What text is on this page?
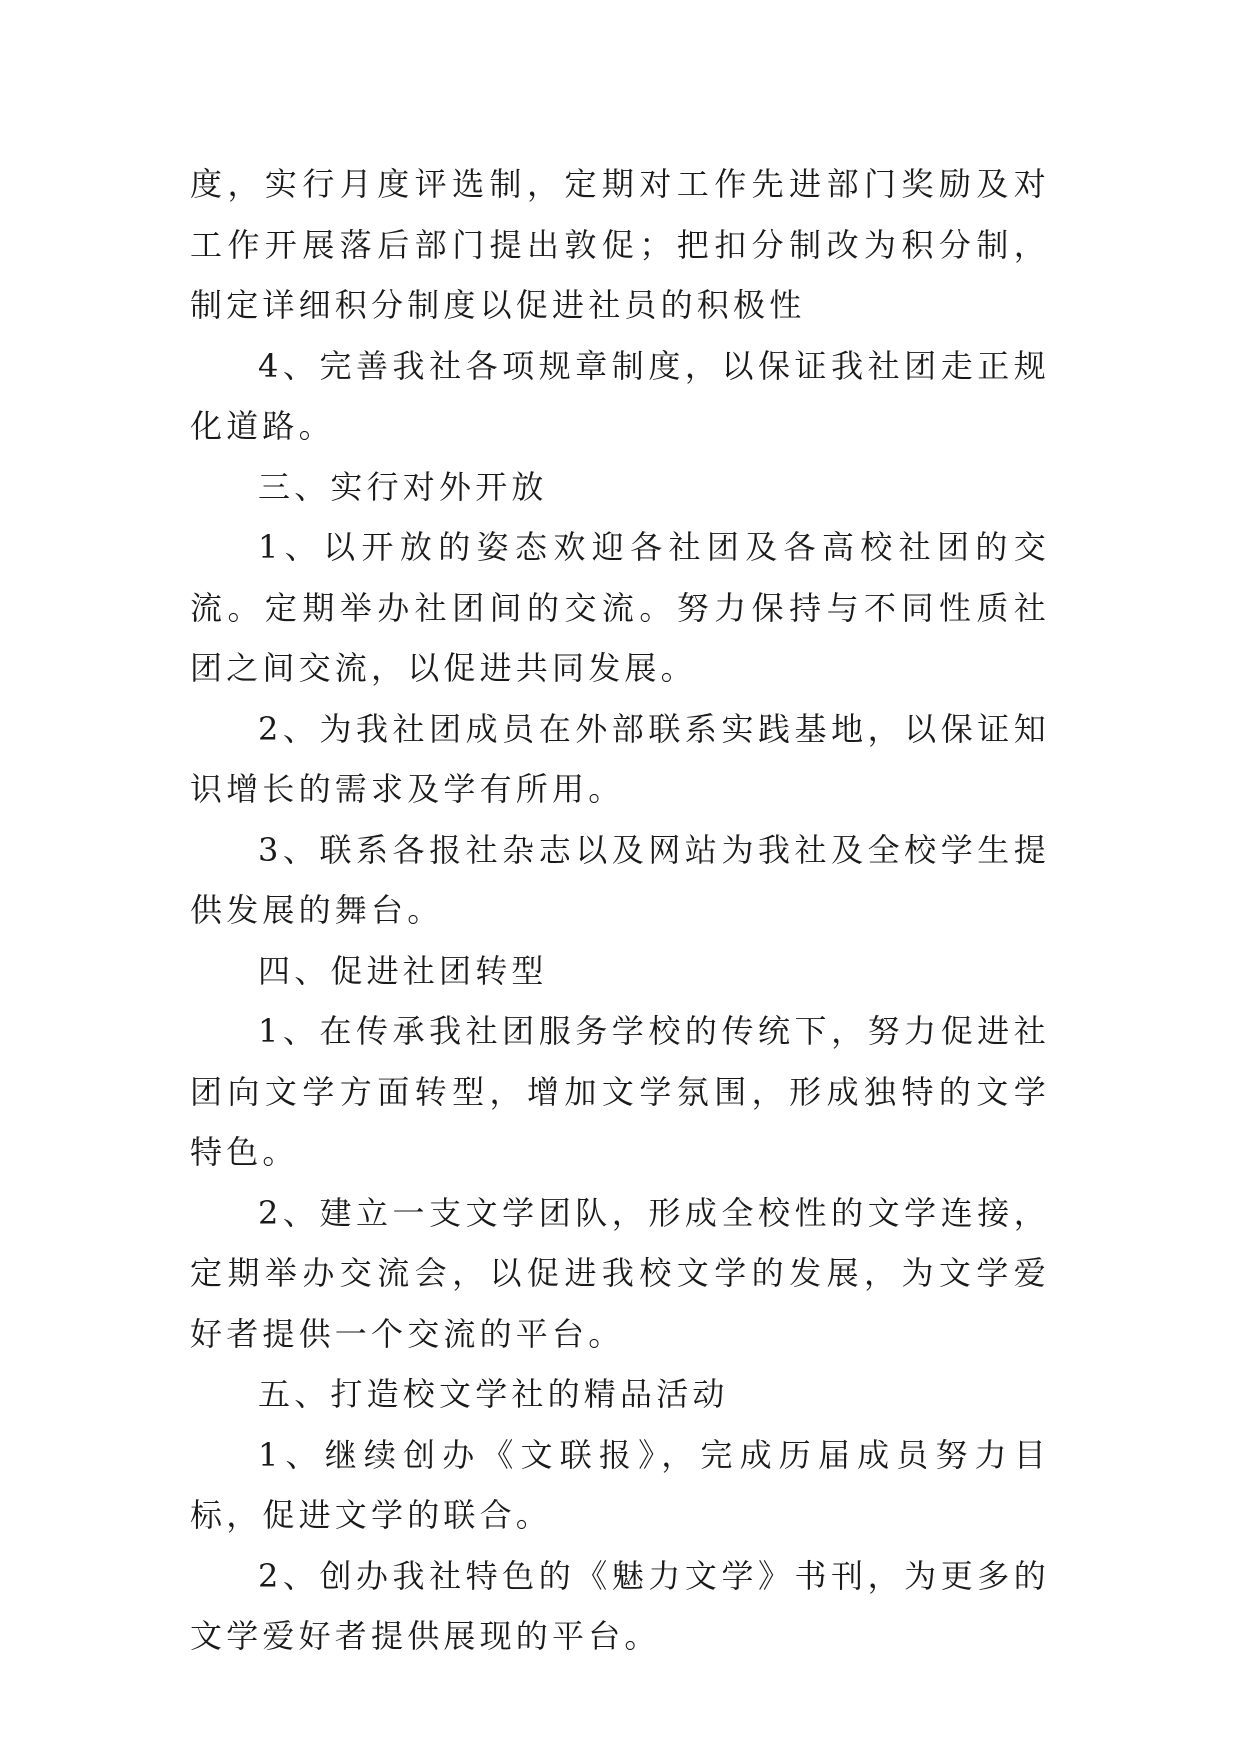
度，实行月度评选制，定期对工作先进部门奖励及对工作开展落后部门提出敦促；把扣分制改为积分制，制定详细积分制度以促进社员的积极性

4、完善我社各项规章制度，以保证我社团走正规化道路。

三、实行对外开放

1、以开放的姿态欢迎各社团及各高校社团的交流。定期举办社团间的交流。努力保持与不同性质社团之间交流，以促进共同发展。

2、为我社团成员在外部联系实践基地，以保证知识增长的需求及学有所用。

3、联系各报社杂志以及网站为我社及全校学生提供发展的舞台。

四、促进社团转型

1、在传承我社团服务学校的传统下，努力促进社团向文学方面转型，增加文学氛围，形成独特的文学特色。

2、建立一支文学团队，形成全校性的文学连接，定期举办交流会，以促进我校文学的发展，为文学爱好者提供一个交流的平台。

五、打造校文学社的精品活动

1、继续创办《文联报》，完成历届成员努力目标，促进文学的联合。

2、创办我社特色的《魅力文学》书刊，为更多的文学爱好者提供展现的平台。
